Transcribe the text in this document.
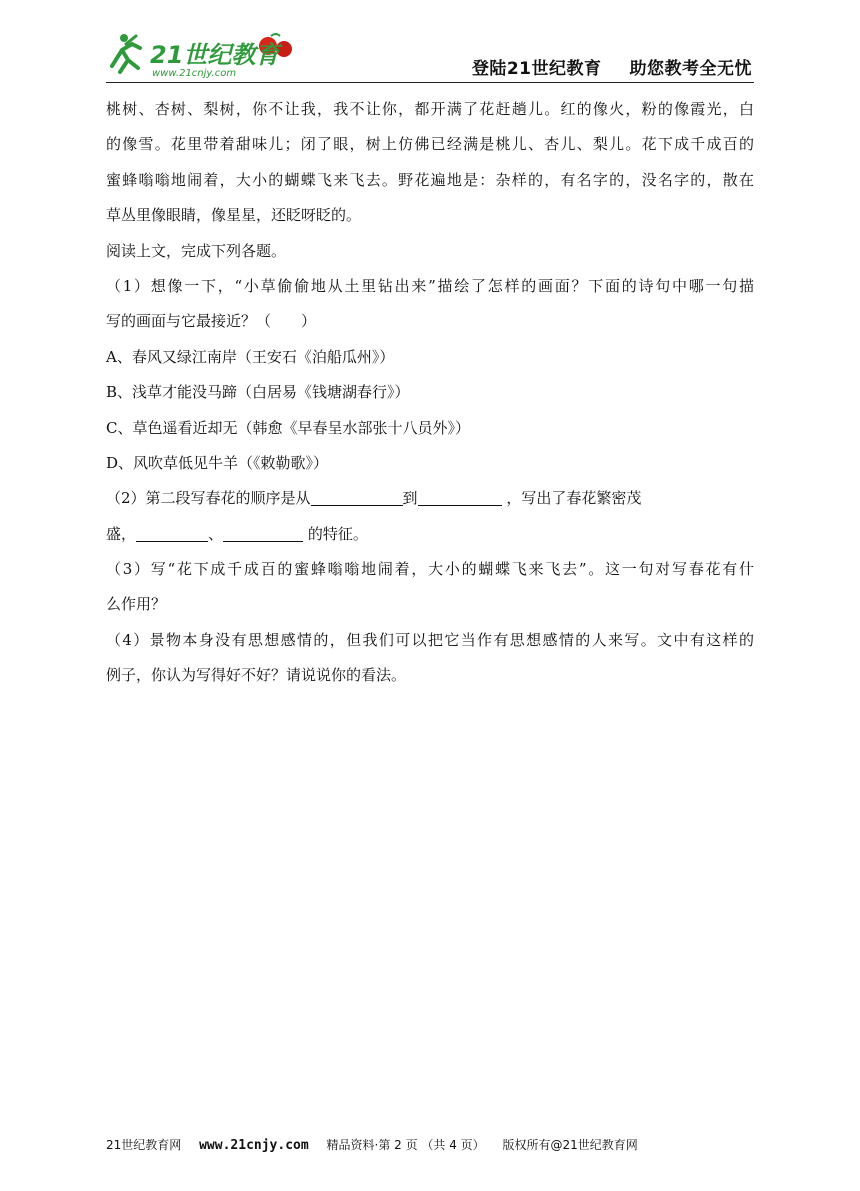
21世纪教育
www.21cnjy.com	登陆21世纪教育 助您教考全无忧
桃树、杏树、梨树，你不让我，我不让你，都开满了花赶趟儿。红的像火，粉的像霞光，白
的像雪。花里带着甜味儿；闭了眼，树上仿佛已经满是桃儿、杏儿、梨儿。花下成千成百的
蜜蜂嗡嗡地闹着，大小的蝴蝶飞来飞去。野花遍地是：杂样的，有名字的，没名字的，散在
草丛里像眼睛，像星星，还眨呀眨的。
阅读上文，完成下列各题。
（1）想像一下，“小草偷偷地从土里钻出来”描绘了怎样的画面？下面的诗句中哪一句描
写的画面与它最接近？（　　）
A、春风又绿江南岸（王安石《泊船瓜州》）
B、浅草才能没马蹄（白居易《钱塘湖春行》）
C、草色遥看近却无（韩愈《早春呈水部张十八员外》）
D、风吹草低见牛羊（《敕勒歌》）
（2）第二段写春花的顺序是从	到	，写出了春花繁密茂
盛，	、	的特征。
（3）写“花下成千成百的蜜蜂嗡嗡地闹着，大小的蝴蝶飞来飞去”。这一句对写春花有什
么作用？
（4）景物本身没有思想感情的，但我们可以把它当作有思想感情的人来写。文中有这样的
例子，你认为写得好不好？请说说你的看法。
21世纪教育网 www.21cnjy.com 精品资料·第 2 页 （共 4 页） 版权所有@21世纪教育网
